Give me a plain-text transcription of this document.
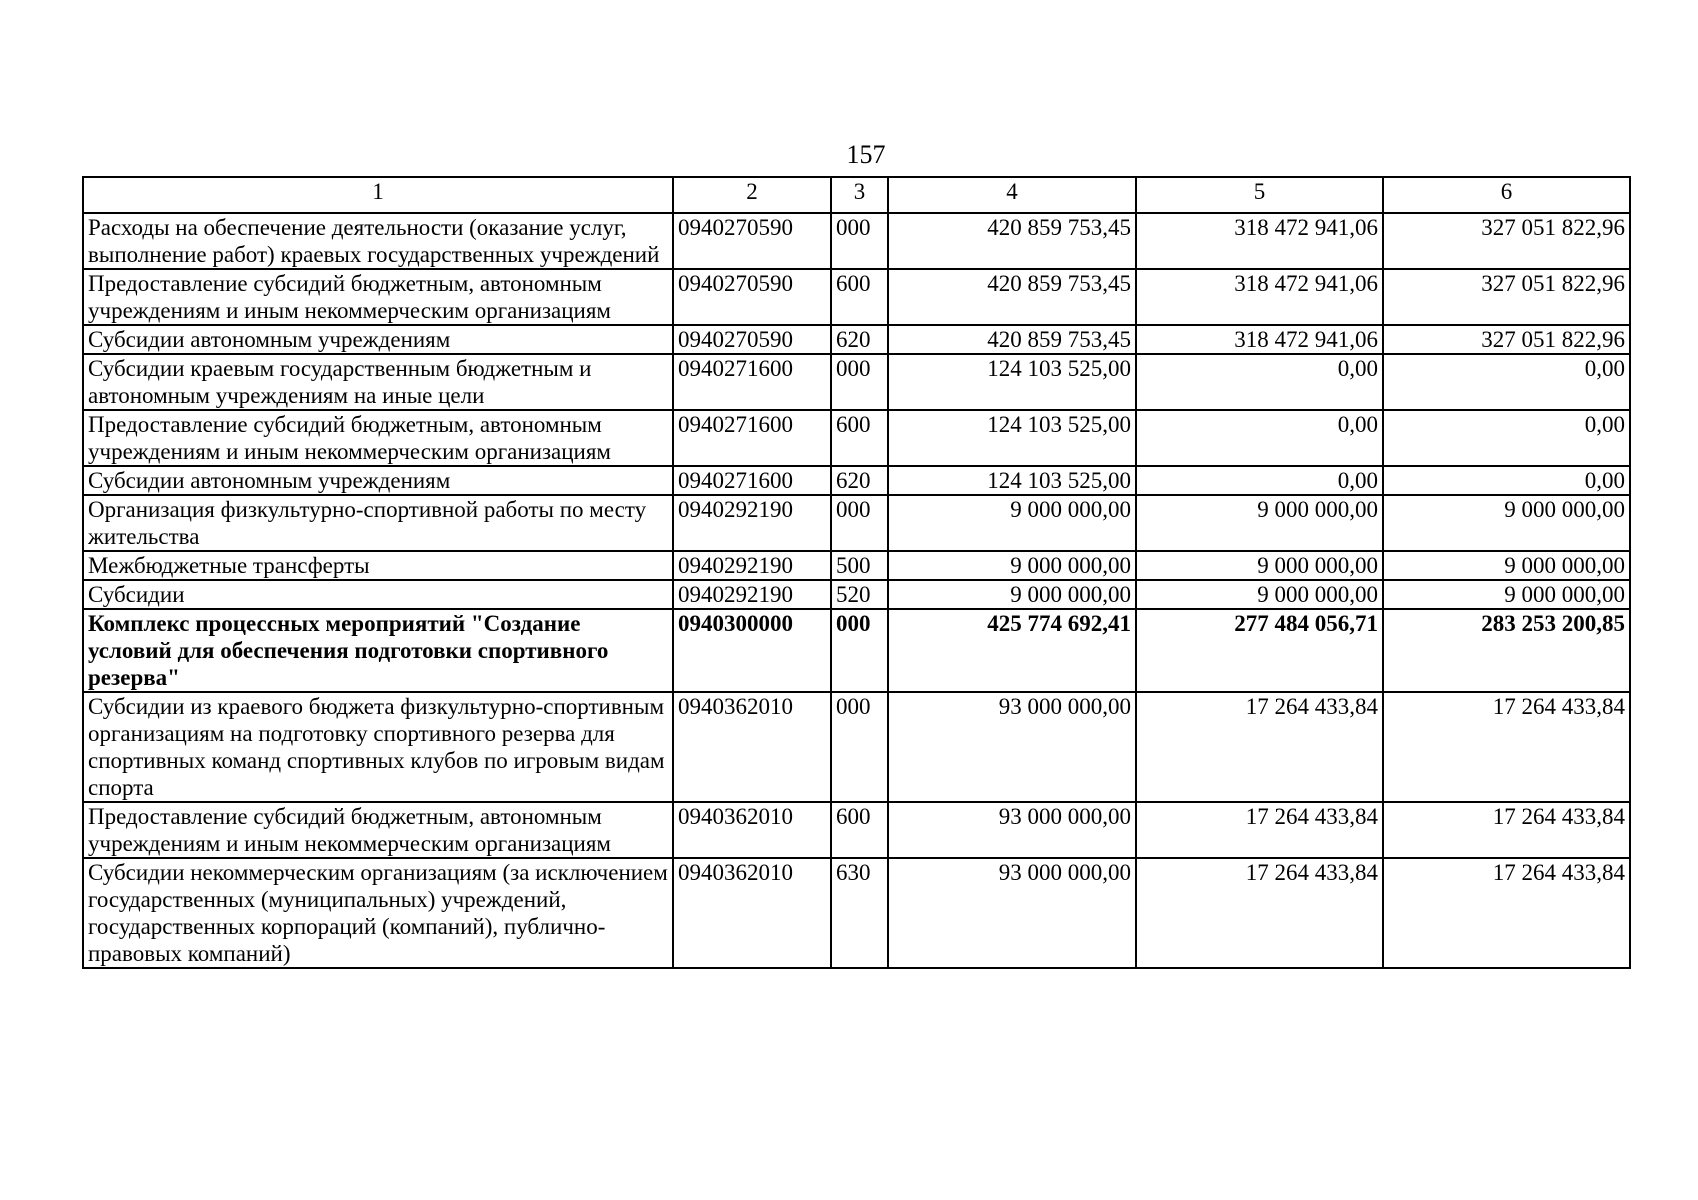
157
1	2	3	4	5	6
Расходы на обеспечение деятельности (оказание услуг, выполнение работ) краевых государственных учреждений	0940270590	000	420 859 753,45	318 472 941,06	327 051 822,96
Предоставление субсидий бюджетным, автономным учреждениям и иным некоммерческим организациям	0940270590	600	420 859 753,45	318 472 941,06	327 051 822,96
Субсидии автономным учреждениям	0940270590	620	420 859 753,45	318 472 941,06	327 051 822,96
Субсидии краевым государственным бюджетным и автономным учреждениям на иные цели	0940271600	000	124 103 525,00	0,00	0,00
Предоставление субсидий бюджетным, автономным учреждениям и иным некоммерческим организациям	0940271600	600	124 103 525,00	0,00	0,00
Субсидии автономным учреждениям	0940271600	620	124 103 525,00	0,00	0,00
Организация физкультурно-спортивной работы по месту жительства	0940292190	000	9 000 000,00	9 000 000,00	9 000 000,00
Межбюджетные трансферты	0940292190	500	9 000 000,00	9 000 000,00	9 000 000,00
Субсидии	0940292190	520	9 000 000,00	9 000 000,00	9 000 000,00
Комплекс процессных мероприятий "Создание условий для обеспечения подготовки спортивного резерва"	0940300000	000	425 774 692,41	277 484 056,71	283 253 200,85
Субсидии из краевого бюджета физкультурно-спортивным организациям на подготовку спортивного резерва для спортивных команд спортивных клубов по игровым видам спорта	0940362010	000	93 000 000,00	17 264 433,84	17 264 433,84
Предоставление субсидий бюджетным, автономным учреждениям и иным некоммерческим организациям	0940362010	600	93 000 000,00	17 264 433,84	17 264 433,84
Субсидии некоммерческим организациям (за исключением государственных (муниципальных) учреждений, государственных корпораций (компаний), публично-правовых компаний)	0940362010	630	93 000 000,00	17 264 433,84	17 264 433,84
